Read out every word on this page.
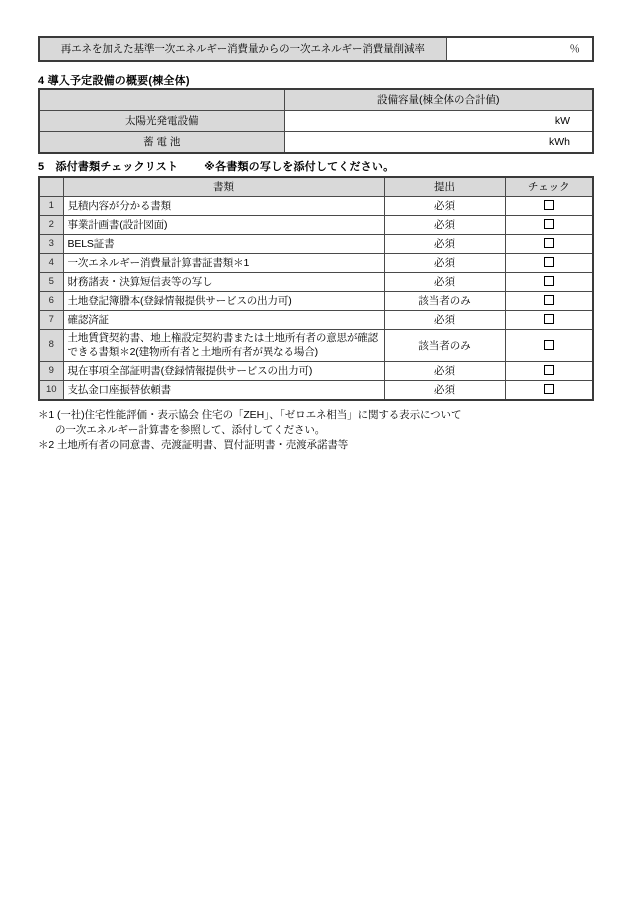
再エネを加えた基準一次エネルギー消費量からの一次エネルギー消費量削減率	％
4 導入予定設備の概要(棟全体)
	設備容量(棟全体の合計値)
太陽光発電設備	kW
蓄 電 池	kWh
5　添付書類チェックリスト ※各書類の写しを添付してください。
	書類	提出	チェック
1	見積内容が分かる書類	必須	
2	事業計画書(設計図面)	必須	
3	BELS証書	必須	
4	一次エネルギー消費量計算書証書類＊1	必須	
5	財務諸表・決算短信表等の写し	必須	
6	土地登記簿謄本(登録情報提供サービスの出力可)	該当者のみ	
7	確認済証	必須	
8	土地賃貸契約書、地上権設定契約書または土地所有者の意思が確認できる書類＊2(建物所有者と土地所有者が異なる場合)	該当者のみ	
9	現在事項全部証明書(登録情報提供サービスの出力可)	必須	
10	支払金口座振替依頼書	必須	
＊1 (一社)住宅性能評価・表示協会 住宅の「ZEH」、「ゼロエネ相当」に関する表示について
の一次エネルギー計算書を参照して、添付してください。
＊2 土地所有者の同意書、売渡証明書、買付証明書・売渡承諾書等
